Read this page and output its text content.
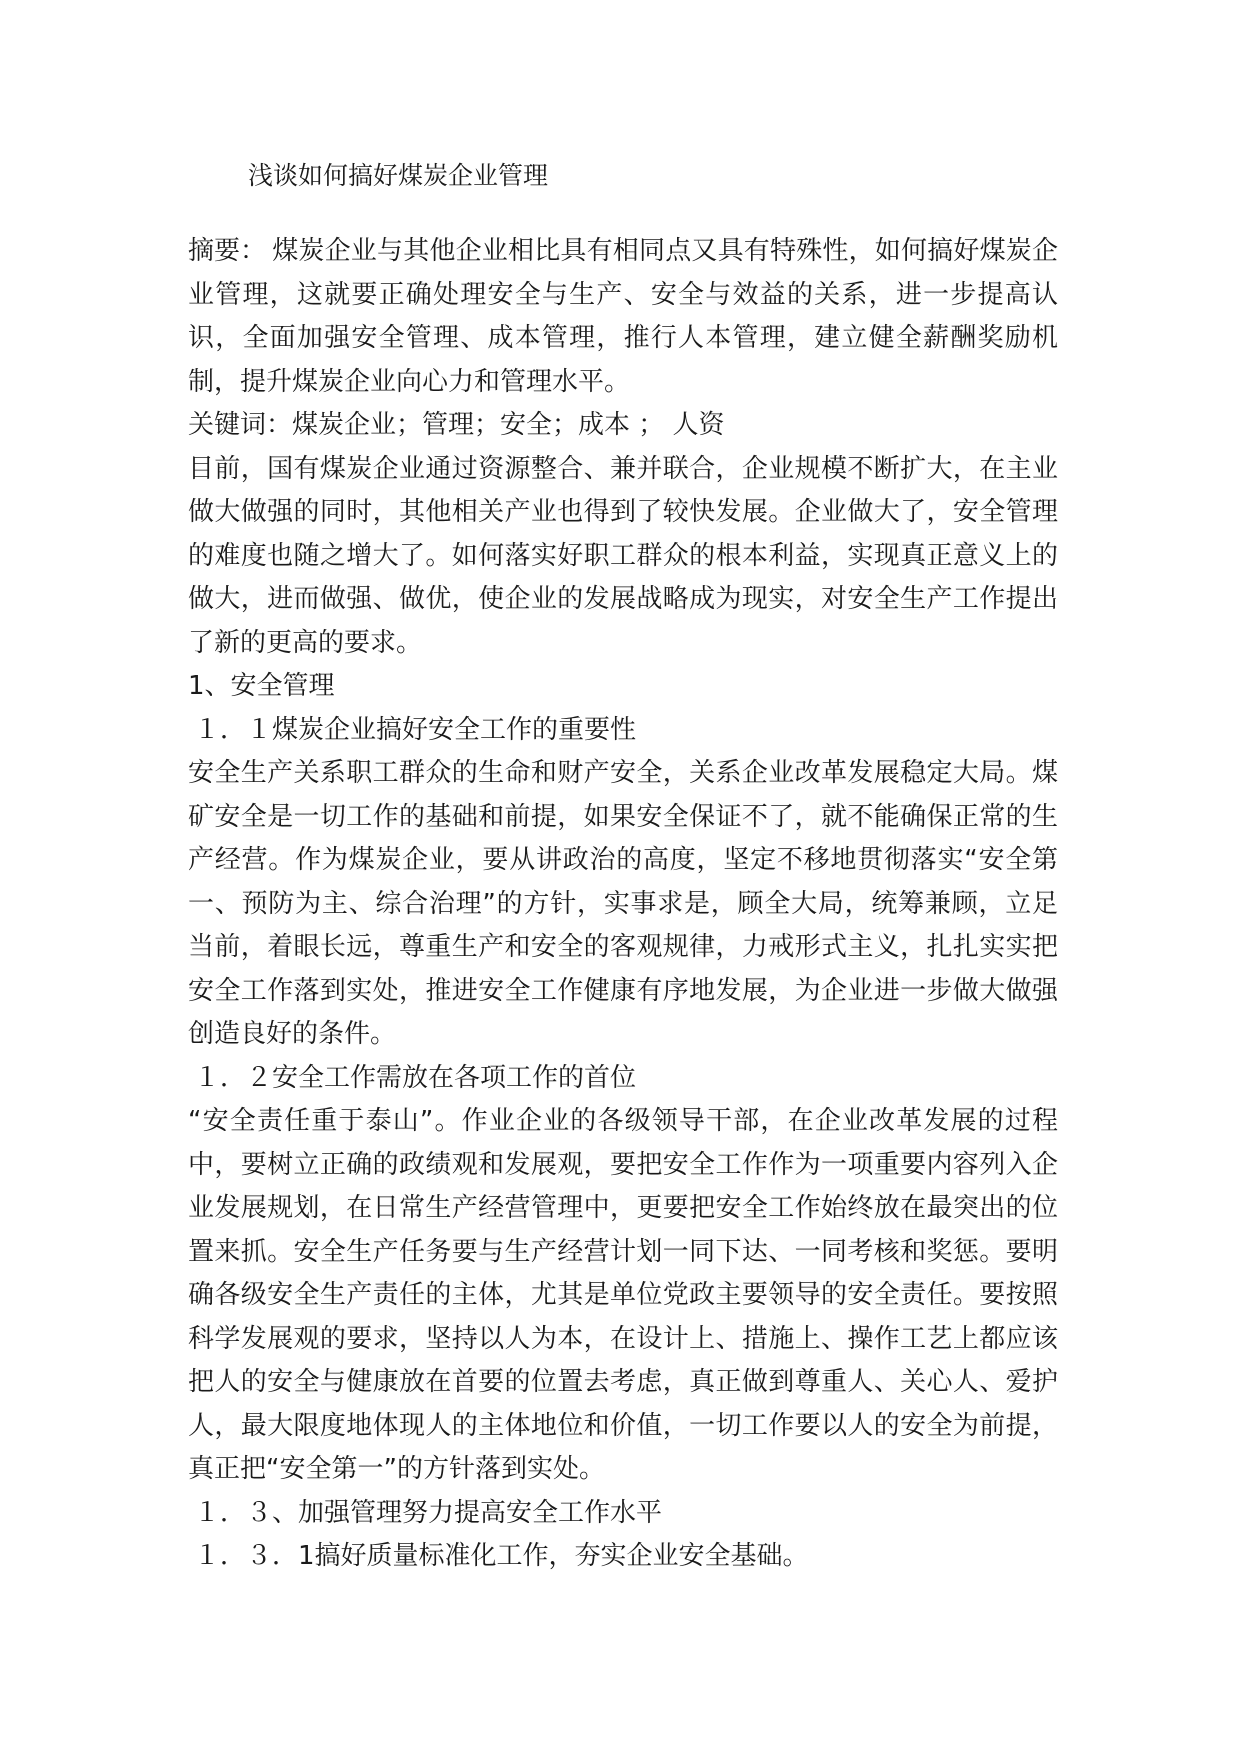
浅谈如何搞好煤炭企业管理

摘要： 煤炭企业与其他企业相比具有相同点又具有特殊性，如何搞好煤炭企业管理，这就要正确处理安全与生产、安全与效益的关系，进一步提高认识，全面加强安全管理、成本管理，推行人本管理，建立健全薪酬奖励机制，提升煤炭企业向心力和管理水平。

关键词：煤炭企业；管理；安全；成本 ； 人资

目前，国有煤炭企业通过资源整合、兼并联合，企业规模不断扩大，在主业做大做强的同时，其他相关产业也得到了较快发展。企业做大了，安全管理的难度也随之增大了。如何落实好职工群众的根本利益，实现真正意义上的做大，进而做强、做优，使企业的发展战略成为现实，对安全生产工作提出了新的更高的要求。

1、安全管理

１．１煤炭企业搞好安全工作的重要性

安全生产关系职工群众的生命和财产安全，关系企业改革发展稳定大局。煤矿安全是一切工作的基础和前提，如果安全保证不了，就不能确保正常的生产经营。作为煤炭企业，要从讲政治的高度，坚定不移地贯彻落实“安全第一、预防为主、综合治理”的方针，实事求是，顾全大局，统筹兼顾，立足当前，着眼长远，尊重生产和安全的客观规律，力戒形式主义，扎扎实实把安全工作落到实处，推进安全工作健康有序地发展，为企业进一步做大做强创造良好的条件。

１．２安全工作需放在各项工作的首位

“安全责任重于泰山”。作业企业的各级领导干部，在企业改革发展的过程中，要树立正确的政绩观和发展观，要把安全工作作为一项重要内容列入企业发展规划，在日常生产经营管理中，更要把安全工作始终放在最突出的位置来抓。安全生产任务要与生产经营计划一同下达、一同考核和奖惩。要明确各级安全生产责任的主体，尤其是单位党政主要领导的安全责任。要按照科学发展观的要求，坚持以人为本，在设计上、措施上、操作工艺上都应该把人的安全与健康放在首要的位置去考虑，真正做到尊重人、关心人、爱护人，最大限度地体现人的主体地位和价值，一切工作要以人的安全为前提，真正把“安全第一”的方针落到实处。

１．３、加强管理努力提高安全工作水平

１．３．1搞好质量标准化工作，夯实企业安全基础。
